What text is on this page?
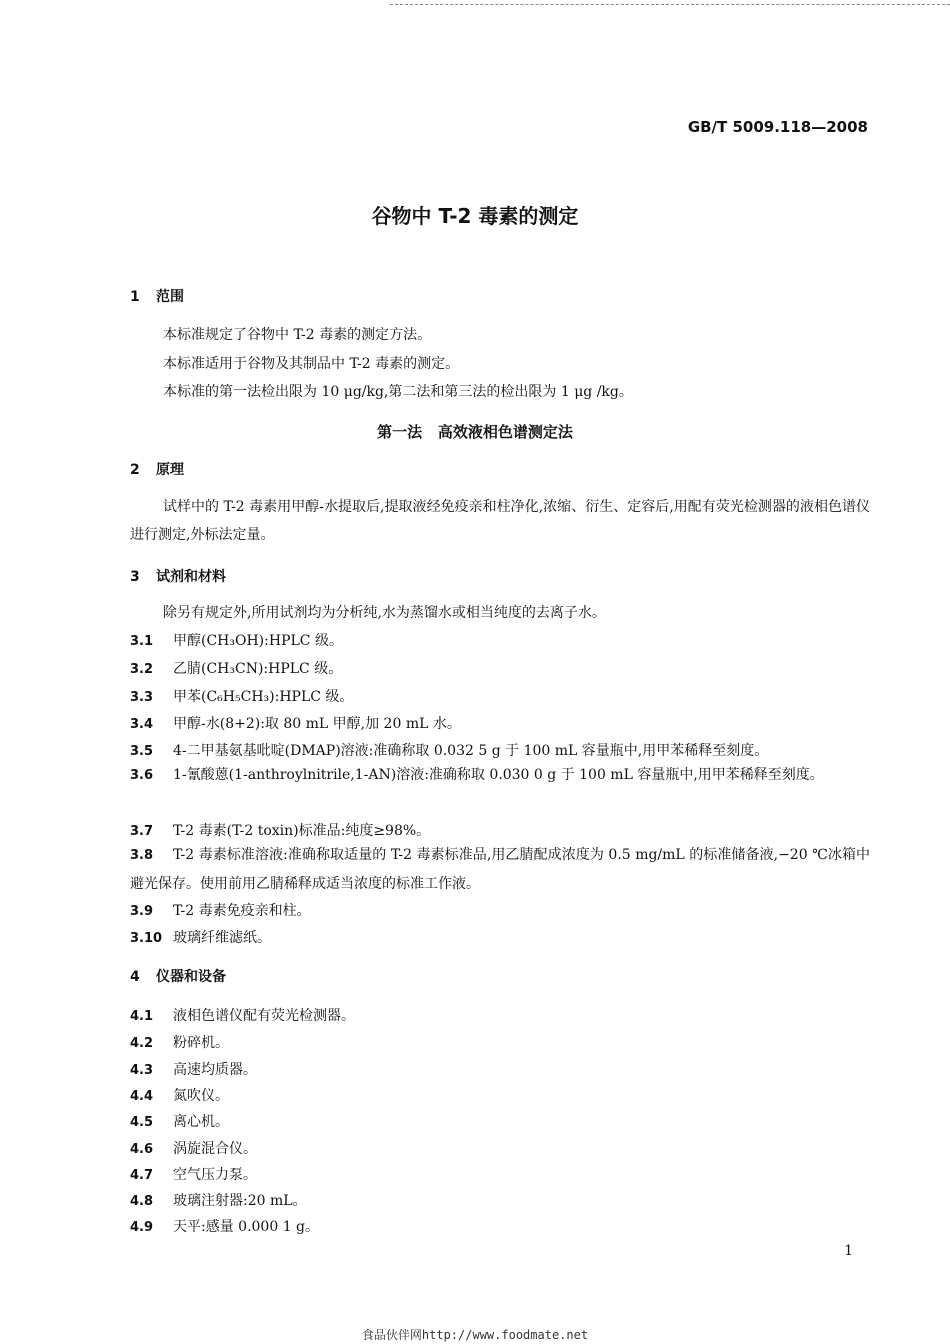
GB/T 5009.118—2008
谷物中 T-2 毒素的测定
1 范围
本标准规定了谷物中 T-2 毒素的测定方法。
本标准适用于谷物及其制品中 T-2 毒素的测定。
本标准的第一法检出限为 10 μg/kg,第二法和第三法的检出限为 1 μg /kg。
第一法   高效液相色谱测定法
2 原理
试样中的 T-2 毒素用甲醇-水提取后,提取液经免疫亲和柱净化,浓缩、衍生、定容后,用配有荧光检测器的液相色谱仪进行测定,外标法定量。
3 试剂和材料
除另有规定外,所用试剂均为分析纯,水为蒸馏水或相当纯度的去离子水。
3.1 甲醇(CH₃OH):HPLC 级。
3.2 乙腈(CH₃CN):HPLC 级。
3.3 甲苯(C₆H₅CH₃):HPLC 级。
3.4 甲醇-水(8+2):取 80 mL 甲醇,加 20 mL 水。
3.5 4-二甲基氨基吡啶(DMAP)溶液:准确称取 0.032 5 g 于 100 mL 容量瓶中,用甲苯稀释至刻度。
3.6 1-氰酸蒽(1-anthroylnitrile,1-AN)溶液:准确称取 0.030 0 g 于 100 mL 容量瓶中,用甲苯稀释至刻度。
3.7 T-2 毒素(T-2 toxin)标准品:纯度≥98%。
3.8 T-2 毒素标准溶液:准确称取适量的 T-2 毒素标准品,用乙腈配成浓度为 0.5 mg/mL 的标准储备液,−20 ℃冰箱中避光保存。使用前用乙腈稀释成适当浓度的标准工作液。
3.9 T-2 毒素免疫亲和柱。
3.10 玻璃纤维滤纸。
4 仪器和设备
4.1 液相色谱仪配有荧光检测器。
4.2 粉碎机。
4.3 高速均质器。
4.4 氮吹仪。
4.5 离心机。
4.6 涡旋混合仪。
4.7 空气压力泵。
4.8 玻璃注射器:20 mL。
4.9 天平:感量 0.000 1 g。
1
食品伙伴网http://www.foodmate.net
